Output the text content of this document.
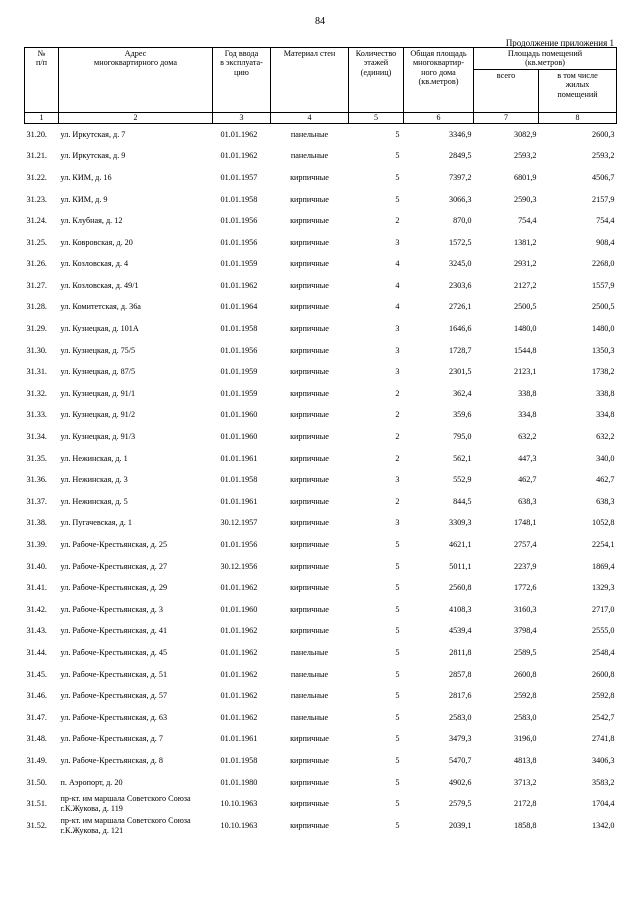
84
Продолжение приложения 1
№
п/п	Адрес
многоквартирного дома	Год ввода
в эксплуата-
цию	Материал стен	Количество
этажей
(единиц)	Общая площадь
многоквартир-
ного дома
(кв.метров)	Площадь помещений
(кв.метров)	
						всего	в том числе
жилых
помещений
1	2	3	4	5	6	7	8
31.20.	ул. Иркутская, д. 7	01.01.1962	панельные	5	3346,9	3082,9	2600,3
31.21.	ул. Иркутская, д. 9	01.01.1962	панельные	5	2849,5	2593,2	2593,2
31.22.	ул. КИМ, д. 16	01.01.1957	кирпичные	5	7397,2	6801,9	4506,7
31.23.	ул. КИМ, д. 9	01.01.1958	кирпичные	5	3066,3	2590,3	2157,9
31.24.	ул. Клубная, д. 12	01.01.1956	кирпичные	2	870,0	754,4	754,4
31.25.	ул. Ковровская, д. 20	01.01.1956	кирпичные	3	1572,5	1381,2	908,4
31.26.	ул. Козловская, д. 4	01.01.1959	кирпичные	4	3245,0	2931,2	2268,0
31.27.	ул. Козловская, д. 49/1	01.01.1962	кирпичные	4	2303,6	2127,2	1557,9
31.28.	ул. Комитетская, д. 36а	01.01.1964	кирпичные	4	2726,1	2500,5	2500,5
31.29.	ул. Кузнецкая, д. 101А	01.01.1958	кирпичные	3	1646,6	1480,0	1480,0
31.30.	ул. Кузнецкая, д. 75/5	01.01.1956	кирпичные	3	1728,7	1544,8	1350,3
31.31.	ул. Кузнецкая, д. 87/5	01.01.1959	кирпичные	3	2301,5	2123,1	1738,2
31.32.	ул. Кузнецкая, д. 91/1	01.01.1959	кирпичные	2	362,4	338,8	338,8
31.33.	ул. Кузнецкая, д. 91/2	01.01.1960	кирпичные	2	359,6	334,8	334,8
31.34.	ул. Кузнецкая, д. 91/3	01.01.1960	кирпичные	2	795,0	632,2	632,2
31.35.	ул. Нежинская, д. 1	01.01.1961	кирпичные	2	562,1	447,3	340,0
31.36.	ул. Нежинская, д. 3	01.01.1958	кирпичные	3	552,9	462,7	462,7
31.37.	ул. Нежинская, д. 5	01.01.1961	кирпичные	2	844,5	638,3	638,3
31.38.	ул. Пугачевская, д. 1	30.12.1957	кирпичные	3	3309,3	1748,1	1052,8
31.39.	ул. Рабоче-Крестьянская, д. 25	01.01.1956	кирпичные	5	4621,1	2757,4	2254,1
31.40.	ул. Рабоче-Крестьянская, д. 27	30.12.1956	кирпичные	5	5011,1	2237,9	1869,4
31.41.	ул. Рабоче-Крестьянская, д. 29	01.01.1962	кирпичные	5	2560,8	1772,6	1329,3
31.42.	ул. Рабоче-Крестьянская, д. 3	01.01.1960	кирпичные	5	4108,3	3160,3	2717,0
31.43.	ул. Рабоче-Крестьянская, д. 41	01.01.1962	кирпичные	5	4539,4	3798,4	2555,0
31.44.	ул. Рабоче-Крестьянская, д. 45	01.01.1962	панельные	5	2811,8	2589,5	2548,4
31.45.	ул. Рабоче-Крестьянская, д. 51	01.01.1962	панельные	5	2857,8	2600,8	2600,8
31.46.	ул. Рабоче-Крестьянская, д. 57	01.01.1962	панельные	5	2817,6	2592,8	2592,8
31.47.	ул. Рабоче-Крестьянская, д. 63	01.01.1962	панельные	5	2583,0	2583,0	2542,7
31.48.	ул. Рабоче-Крестьянская, д. 7	01.01.1961	кирпичные	5	3479,3	3196,0	2741,8
31.49.	ул. Рабоче-Крестьянская, д. 8	01.01.1958	кирпичные	5	5470,7	4813,8	3406,3
31.50.	п. Аэропорт, д. 20	01.01.1980	кирпичные	5	4902,6	3713,2	3583,2
31.51.	пр-кт. им маршала Советского Союза г.К.Жукова, д. 119	10.10.1963	кирпичные	5	2579,5	2172,8	1704,4
31.52.	пр-кт. им маршала Советского Союза г.К.Жукова, д. 121	10.10.1963	кирпичные	5	2039,1	1858,8	1342,0
